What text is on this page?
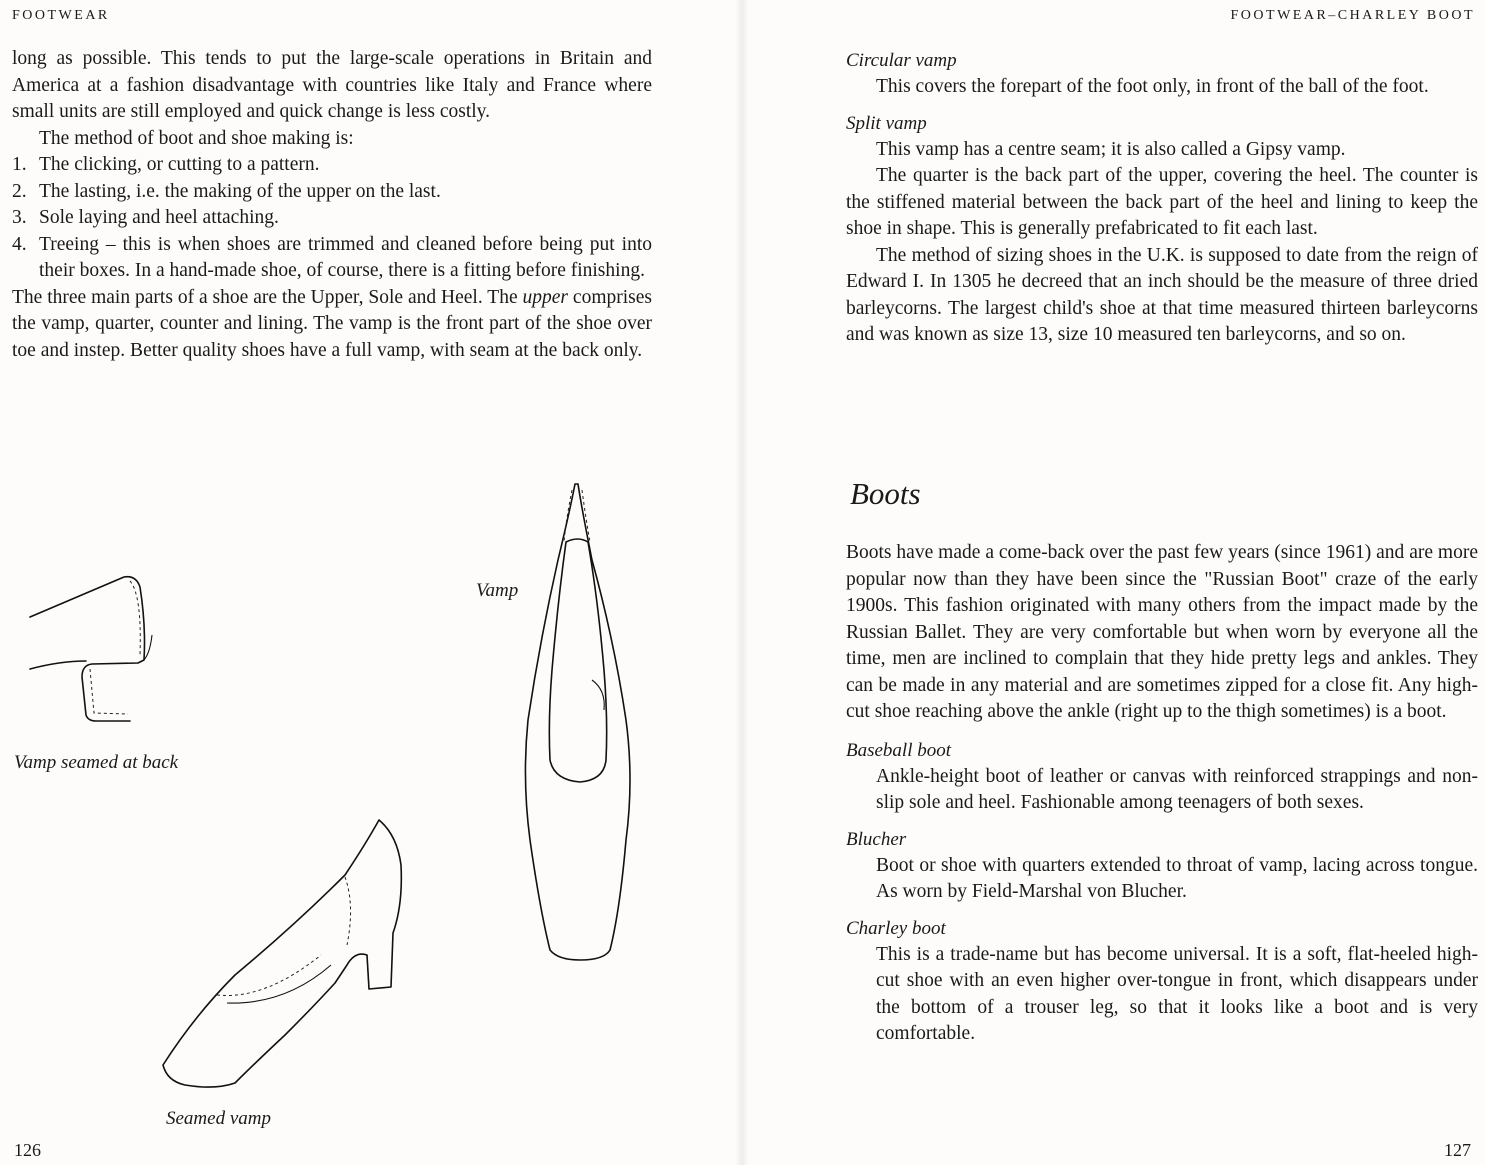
FOOTWEAR

long as possible. This tends to put the large-scale operations in Britain and America at a fashion disadvantage with countries like Italy and France where small units are still employed and quick change is less costly.

The method of boot and shoe making is:

1. The clicking, or cutting to a pattern.
2. The lasting, i.e. the making of the upper on the last.
3. Sole laying and heel attaching.
4. Treeing – this is when shoes are trimmed and cleaned before being put into their boxes. In a hand-made shoe, of course, there is a fitting before finishing.

The three main parts of a shoe are the Upper, Sole and Heel. The upper comprises the vamp, quarter, counter and lining. The vamp is the front part of the shoe over toe and instep. Better quality shoes have a full vamp, with seam at the back only.

Vamp seamed at back
Vamp
Seamed vamp
126
FOOTWEAR–CHARLEY BOOT
Circular vamp
This covers the forepart of the foot only, in front of the ball of the foot.
Split vamp
This vamp has a centre seam; it is also called a Gipsy vamp.

The quarter is the back part of the upper, covering the heel. The counter is the stiffened material between the back part of the heel and lining to keep the shoe in shape. This is generally prefabricated to fit each last.

The method of sizing shoes in the U.K. is supposed to date from the reign of Edward I. In 1305 he decreed that an inch should be the measure of three dried barleycorns. The largest child's shoe at that time measured thirteen barleycorns and was known as size 13, size 10 measured ten barleycorns, and so on.

Boots

Boots have made a come-back over the past few years (since 1961) and are more popular now than they have been since the "Russian Boot" craze of the early 1900s. This fashion originated with many others from the impact made by the Russian Ballet. They are very comfortable but when worn by everyone all the time, men are inclined to complain that they hide pretty legs and ankles. They can be made in any material and are sometimes zipped for a close fit. Any high-cut shoe reaching above the ankle (right up to the thigh sometimes) is a boot.

Baseball boot
Ankle-height boot of leather or canvas with reinforced strappings and non-slip sole and heel. Fashionable among teenagers of both sexes.
Blucher
Boot or shoe with quarters extended to throat of vamp, lacing across tongue. As worn by Field-Marshal von Blucher.
Charley boot
This is a trade-name but has become universal. It is a soft, flat-heeled high-cut shoe with an even higher over-tongue in front, which disappears under the bottom of a trouser leg, so that it looks like a boot and is very comfortable.
127
